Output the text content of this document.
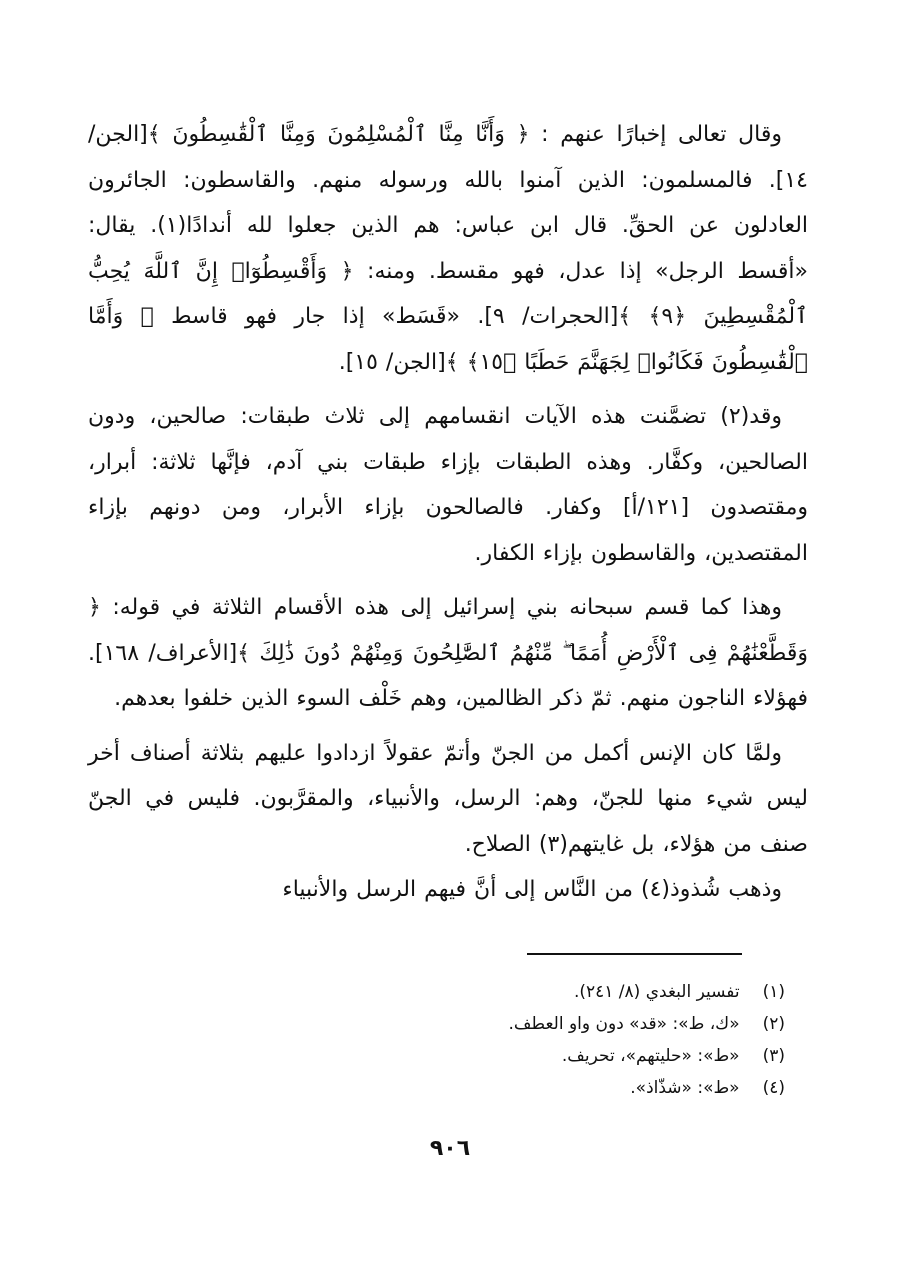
وقال تعالى إخبارًا عنهم : ﴿ وَأَنَّا مِنَّا ٱلْمُسْلِمُونَ وَمِنَّا ٱلْقَٰسِطُونَ ﴾[الجن/ ١٤]. فالمسلمون: الذين آمنوا بالله ورسوله منهم. والقاسطون: الجائرون العادلون عن الحقِّ. قال ابن عباس: هم الذين جعلوا لله أندادًا(١). يقال: «أقسط الرجل» إذا عدل، فهو مقسط. ومنه: ﴿ وَأَقْسِطُوٓا۟ إِنَّ ٱللَّهَ يُحِبُّ ٱلْمُقْسِطِينَ ﴿٩﴾ ﴾[الحجرات/ ٩]. «قَسَط» إذا جار فهو قاسط ﴿ وَأَمَّا ٱلْقَٰسِطُونَ فَكَانُوا۟ لِجَهَنَّمَ حَطَبًا ﴿١٥﴾ ﴾[الجن/ ١٥].

وقد(٢) تضمَّنت هذه الآيات انقسامهم إلى ثلاث طبقات: صالحين، ودون الصالحين، وكفَّار. وهذه الطبقات بإزاء طبقات بني آدم، فإنَّها ثلاثة: أبرار، ومقتصدون [١٢١/أ] وكفار. فالصالحون بإزاء الأبرار، ومن دونهم بإزاء المقتصدين، والقاسطون بإزاء الكفار.

وهذا كما قسم سبحانه بني إسرائيل إلى هذه الأقسام الثلاثة في قوله: ﴿ وَقَطَّعْنَٰهُمْ فِى ٱلْأَرْضِ أُمَمًا ۖ مِّنْهُمُ ٱلصَّٰلِحُونَ وَمِنْهُمْ دُونَ ذَٰلِكَ ﴾[الأعراف/ ١٦٨]. فهؤلاء الناجون منهم. ثمّ ذكر الظالمين، وهم خَلْف السوء الذين خلفوا بعدهم.

ولمَّا كان الإنس أكمل من الجنّ وأتمّ عقولاً ازدادوا عليهم بثلاثة أصناف أخر ليس شيء منها للجنّ، وهم: الرسل، والأنبياء، والمقرَّبون. فليس في الجنّ صنف من هؤلاء، بل غايتهم(٣) الصلاح.

وذهب شُذوذ(٤) من النَّاس إلى أنَّ فيهم الرسل والأنبياء

(١) تفسير البغدي (٨/ ٢٤١).
(٢) «ك، ط»: «قد» دون واو العطف.
(٣) «ط»: «حليتهم»، تحريف.
(٤) «ط»: «شذّاذ».
٩٠٦
